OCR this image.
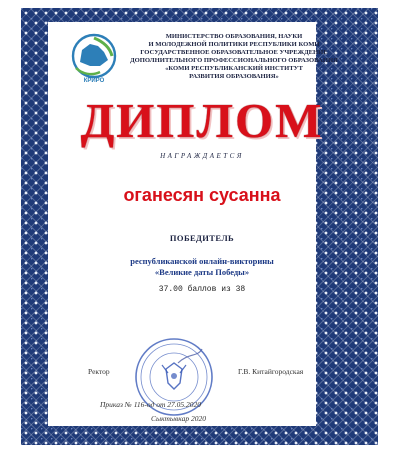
КРИРО
МИНИСТЕРСТВО ОБРАЗОВАНИЯ, НАУКИ
И МОЛОДЕЖНОЙ ПОЛИТИКИ РЕСПУБЛИКИ КОМИ
ГОСУДАРСТВЕННОЕ ОБРАЗОВАТЕЛЬНОЕ УЧРЕЖДЕНИЕ
ДОПОЛНИТЕЛЬНОГО ПРОФЕССИОНАЛЬНОГО ОБРАЗОВАНИЯ
«КОМИ РЕСПУБЛИКАНСКИЙ ИНСТИТУТ
РАЗВИТИЯ ОБРАЗОВАНИЯ»
ДИПЛОМ
НАГРАЖДАЕТСЯ
оганесян сусанна
ПОБЕДИТЕЛЬ
республиканской онлайн-викторины
«Великие даты Победы»
37.00 баллов из 38
Ректор	Г.В. Китайгородская
Приказ № 116-од от 27.05.2020
Сыктывкар 2020
